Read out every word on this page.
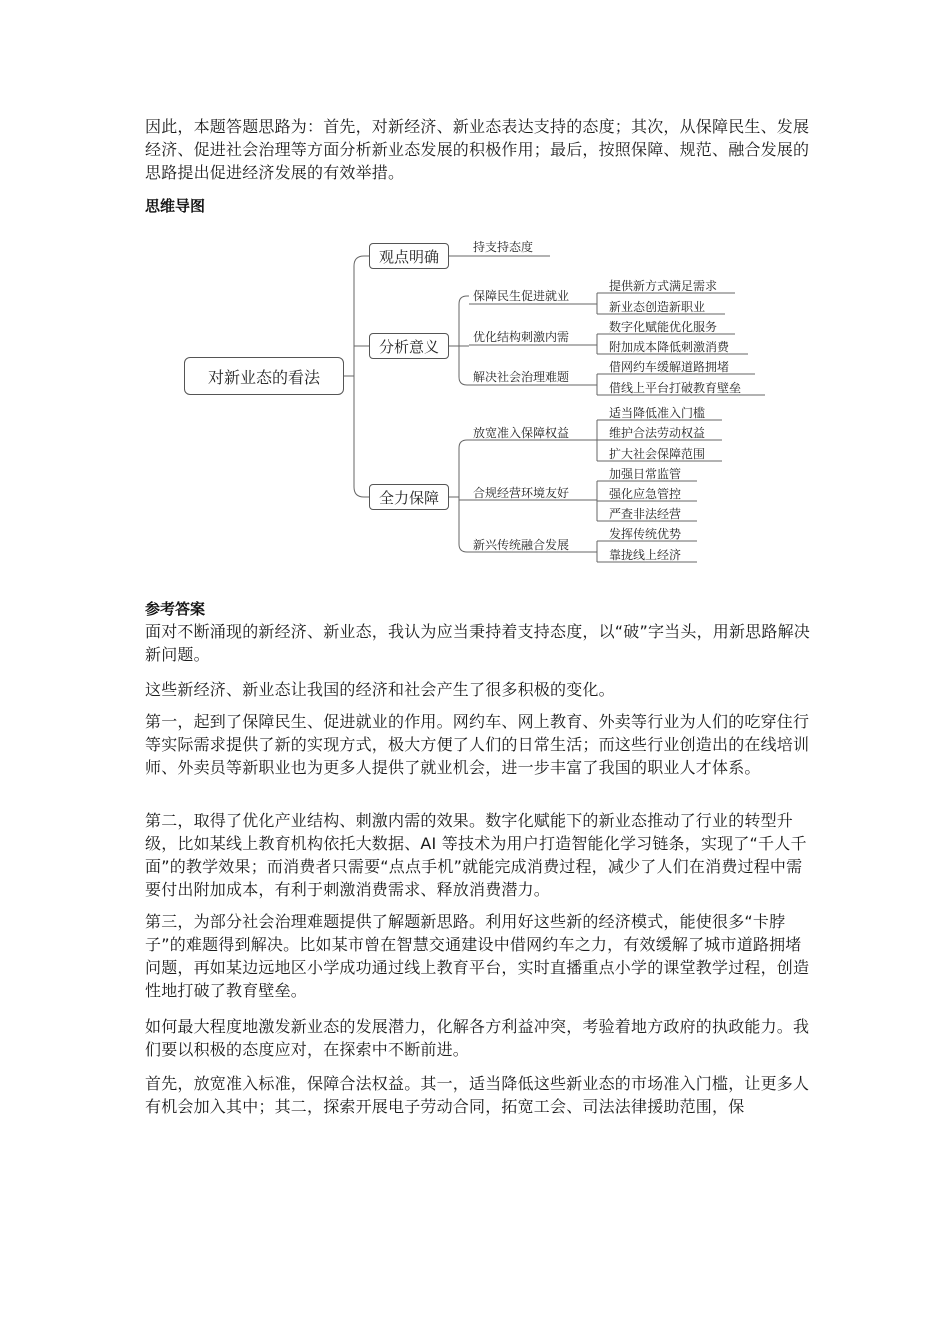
因此，本题答题思路为：首先，对新经济、新业态表达支持的态度；其次，从保障民生、发展经济、促进社会治理等方面分析新业态发展的积极作用；最后，按照保障、规范、融合发展的思路提出促进经济发展的有效举措。

思维导图
对新业态的看法
观点明确
分析意义
全力保障
持支持态度
保障民生促进就业
优化结构刺激内需
解决社会治理难题
放宽准入保障权益
合规经营环境友好
新兴传统融合发展
提供新方式满足需求
新业态创造新职业
数字化赋能优化服务
附加成本降低刺激消费
借网约车缓解道路拥堵
借线上平台打破教育壁垒
适当降低准入门槛
维护合法劳动权益
扩大社会保障范围
加强日常监管
强化应急管控
严查非法经营
发挥传统优势
靠拢线上经济
参考答案

面对不断涌现的新经济、新业态，我认为应当秉持着支持态度，以“破”字当头，用新思路解决新问题。

这些新经济、新业态让我国的经济和社会产生了很多积极的变化。

第一，起到了保障民生、促进就业的作用。网约车、网上教育、外卖等行业为人们的吃穿住行等实际需求提供了新的实现方式，极大方便了人们的日常生活；而这些行业创造出的在线培训师、外卖员等新职业也为更多人提供了就业机会，进一步丰富了我国的职业人才体系。

第二，取得了优化产业结构、刺激内需的效果。数字化赋能下的新业态推动了行业的转型升级，比如某线上教育机构依托大数据、AI 等技术为用户打造智能化学习链条，实现了“千人千面”的教学效果；而消费者只需要“点点手机”就能完成消费过程，减少了人们在消费过程中需要付出附加成本，有利于刺激消费需求、释放消费潜力。

第三，为部分社会治理难题提供了解题新思路。利用好这些新的经济模式，能使很多“卡脖子”的难题得到解决。比如某市曾在智慧交通建设中借网约车之力，有效缓解了城市道路拥堵问题，再如某边远地区小学成功通过线上教育平台，实时直播重点小学的课堂教学过程，创造性地打破了教育壁垒。

如何最大程度地激发新业态的发展潜力，化解各方利益冲突，考验着地方政府的执政能力。我们要以积极的态度应对，在探索中不断前进。

首先，放宽准入标准，保障合法权益。其一，适当降低这些新业态的市场准入门槛，让更多人有机会加入其中；其二，探索开展电子劳动合同，拓宽工会、司法法律援助范围，保
